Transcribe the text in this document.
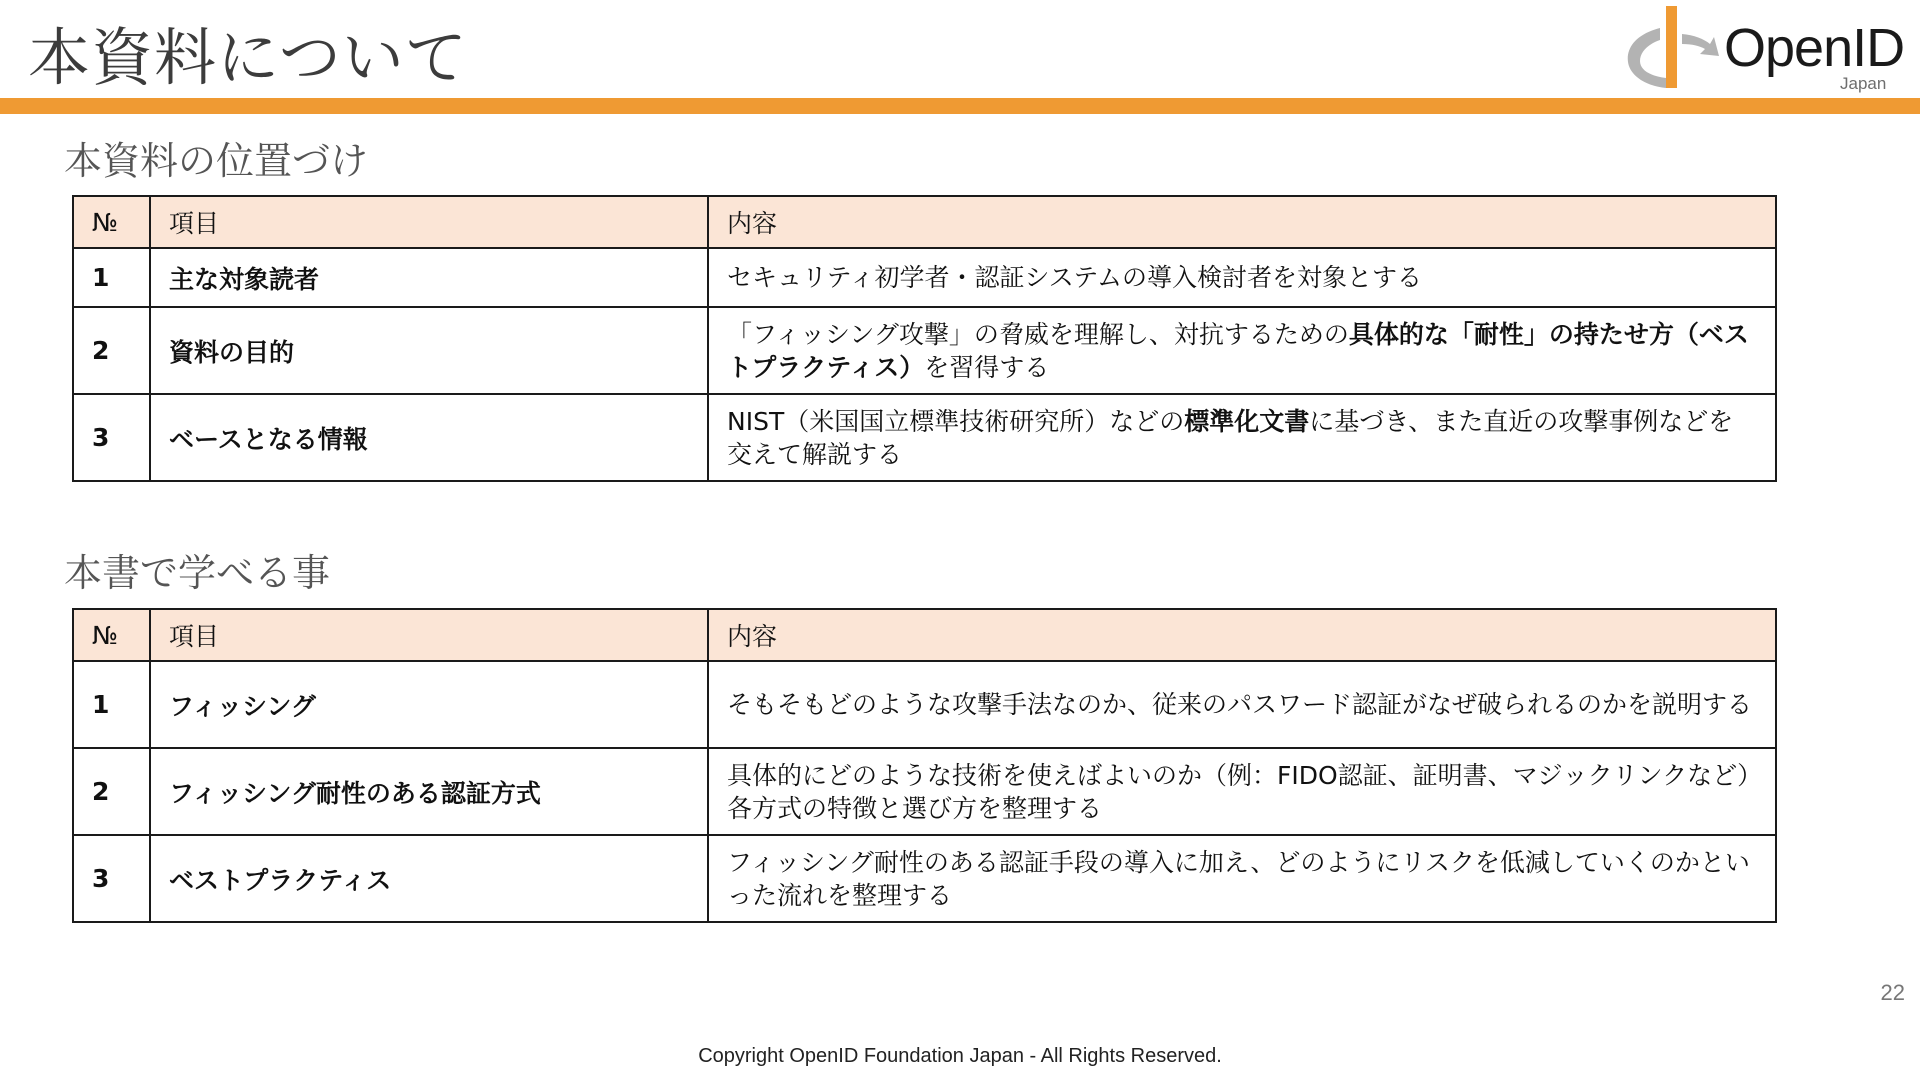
本資料について	OpenID
Japan
本資料の位置づけ
№	項目	内容
1	主な対象読者	セキュリティ初学者・認証システムの導入検討者を対象とする
2	資料の目的	「フィッシング攻撃」の脅威を理解し、対抗するための具体的な「耐性」の持たせ方（ベストプラクティス）を習得する
3	ベースとなる情報	NIST（米国国立標準技術研究所）などの標準化文書に基づき、また直近の攻撃事例などを交えて解説する
本書で学べる事
№	項目	内容
1	フィッシング	そもそもどのような攻撃手法なのか、従来のパスワード認証がなぜ破られるのかを説明する
2	フィッシング耐性のある認証方式	具体的にどのような技術を使えばよいのか（例：FIDO認証、証明書、マジックリンクなど）各方式の特徴と選び方を整理する
3	ベストプラクティス	フィッシング耐性のある認証手段の導入に加え、どのようにリスクを低減していくのかといった流れを整理する
22
Copyright OpenID Foundation Japan - All Rights Reserved.
